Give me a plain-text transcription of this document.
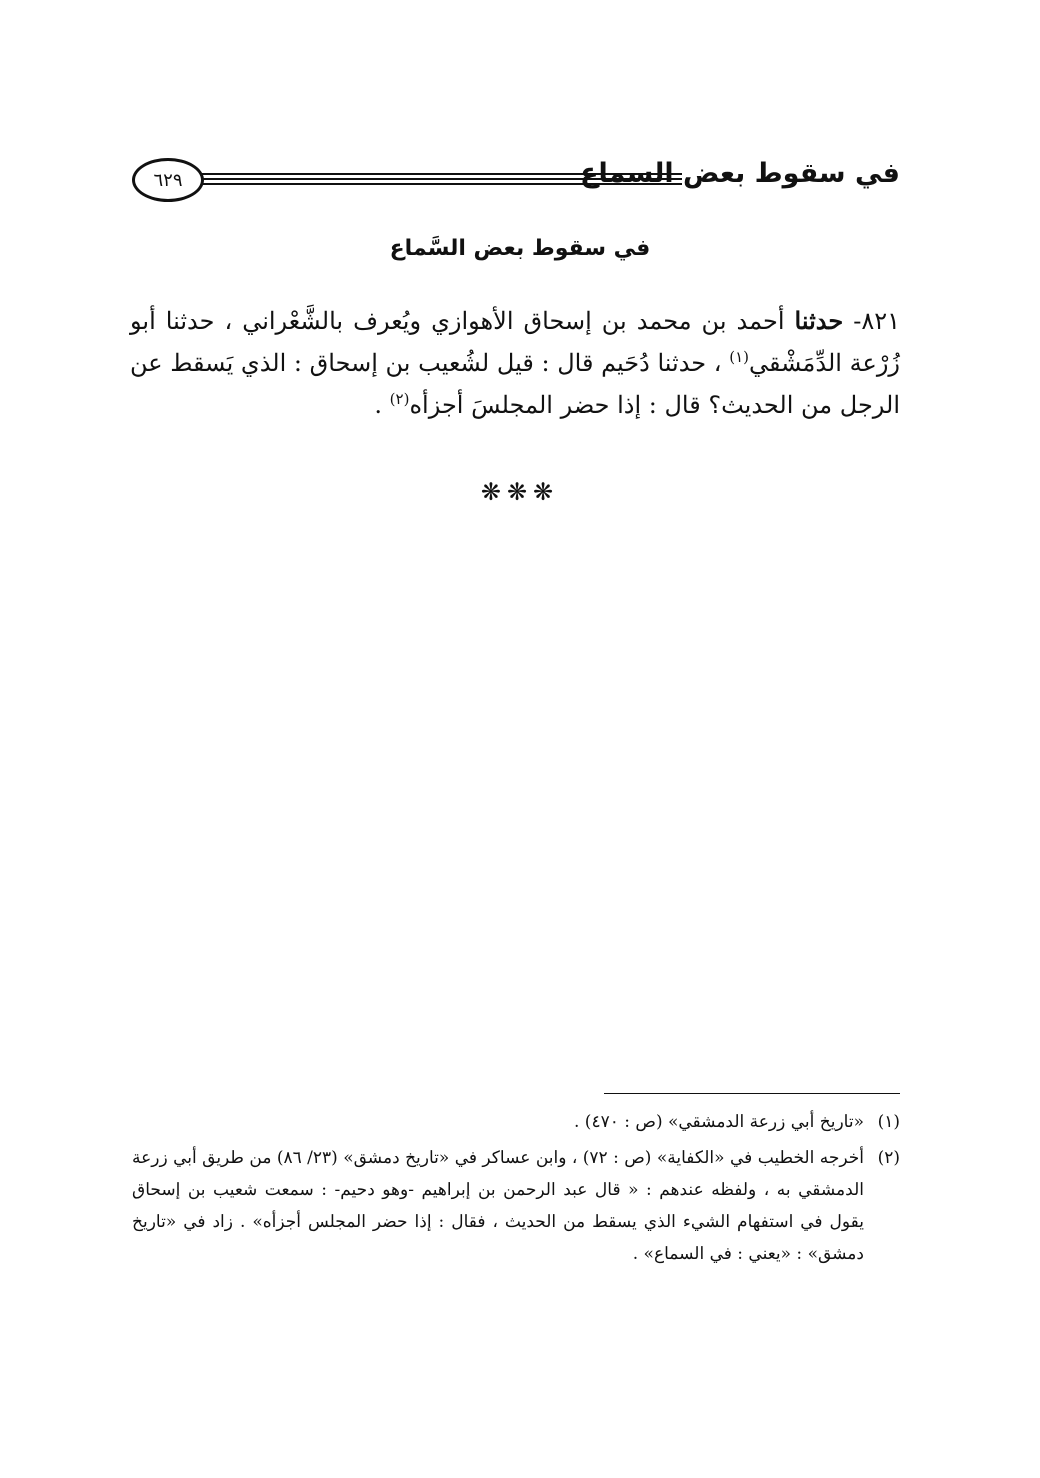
٦٢٩	في سقوط بعض السماع
في سقوط بعض السَّماع
٨٢١- حدثنا أحمد بن محمد بن إسحاق الأهوازي ويُعرف بالشَّعْراني ، حدثنا أبو زُرْعة الدِّمَشْقي$^{(١)}$ ، حدثنا دُحَيم قال : قيل لشُعيب بن إسحاق : الذي يَسقط عن الرجل من الحديث؟ قال : إذا حضر المجلسَ أجزأه$^{(٢)}$ .
❋❋❋
(١)
«تاريخ أبي زرعة الدمشقي» (ص : ٤٧٠) .
(٢)
أخرجه الخطيب في «الكفاية» (ص : ٧٢) ، وابن عساكر في «تاريخ دمشق» (٢٣/ ٨٦) من طريق أبي زرعة الدمشقي به ، ولفظه عندهم : « قال عبد الرحمن بن إبراهيم -وهو دحيم- : سمعت شعيب بن إسحاق يقول في استفهام الشيء الذي يسقط من الحديث ، فقال : إذا حضر المجلس أجزأه» . زاد في «تاريخ دمشق» : «يعني : في السماع» .
